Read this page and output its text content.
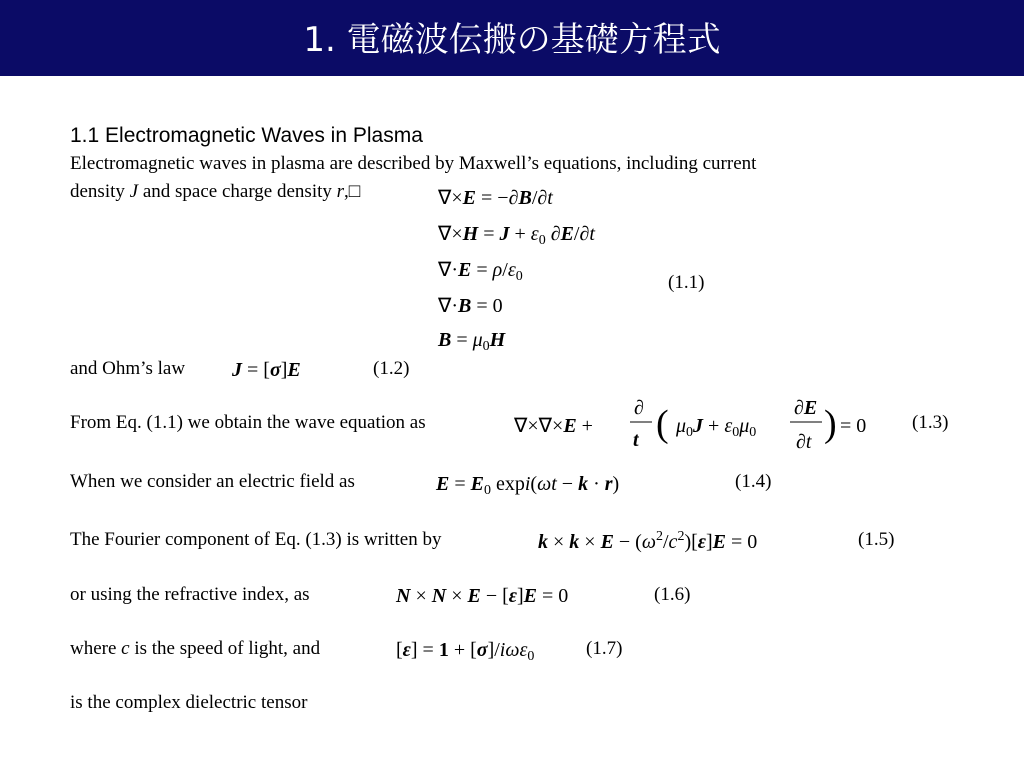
1. 電磁波伝搬の基礎方程式
1.1 Electromagnetic Waves in Plasma
Electromagnetic waves in plasma are described by Maxwell’s equations, including current
density J and space charge density r,□	∇×E = −∂B/∂t
$\nabla\times H = J + \varepsilon_0$ ∂E/∂t
$\nabla\cdot E = \rho/\varepsilon_0$
∇·B = 0
$B = \mu_0H$
(1.1)
and Ohm’s law J = [σ]E	(1.2)
From Eq. (1.1) we obtain the wave equation as	∇×∇×E +
∂
t ( $\mu_0J + \varepsilon_0\mu_0$
∂E
∂t ) = 0 (1.3)
When we consider an electric field as	$E = E_0$ expi(ωt − k · r)	(1.4)
The Fourier component of Eq. (1.3) is written by	$k \times k \times E - (\omega^2/c^2)[\varepsilon]E = 0$	(1.5)
or using the refractive index, as	N × N × E − [ε]E = 0	(1.6)
where c is the speed of light, and	[ε] = 1 + [σ]/iωε$_0$	(1.7)
is the complex dielectric tensor
